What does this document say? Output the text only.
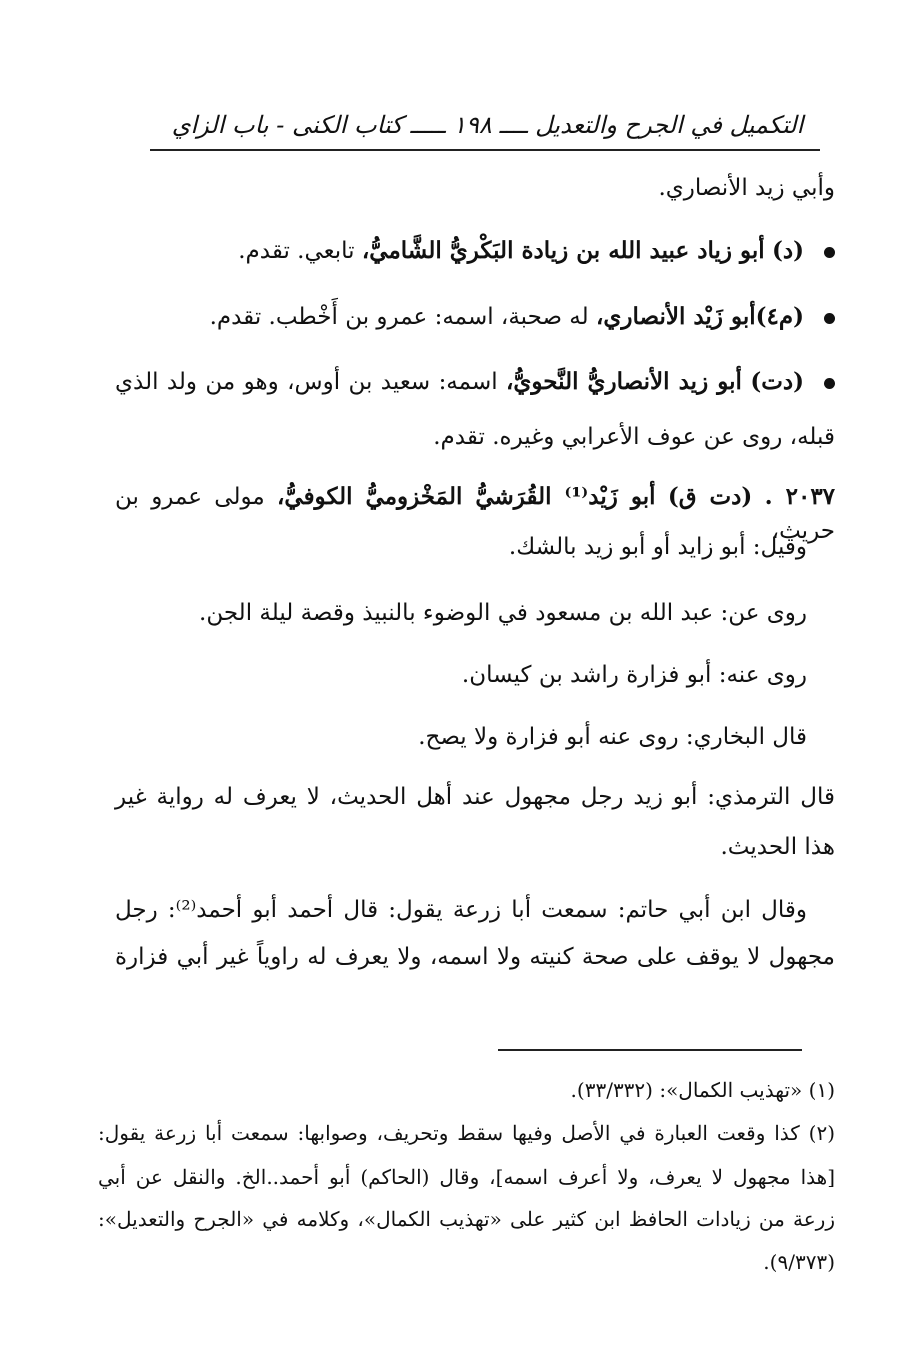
التكميل في الجرح والتعديل ــــ ١٩٨ ـــــ كتاب الكنى - باب الزاي
وأبي زيد الأنصاري.
(د) أبو زياد عبيد الله بن زيادة البَكْريُّ الشَّاميُّ، تابعي. تقدم.
(م٤)أبو زَيْد الأنصاري، له صحبة، اسمه: عمرو بن أَخْطب. تقدم.
(دت) أبو زيد الأنصاريُّ النَّحويُّ، اسمه: سعيد بن أوس، وهو من ولد الذي
قبله، روى عن عوف الأعرابي وغيره. تقدم.
٢٠٣٧ . (دت ق) أبو زَيْد⁽¹⁾ القُرَشيُّ المَخْزوميُّ الكوفيُّ، مولى عمرو بن حريث،
وقيل: أبو زايد أو أبو زيد بالشك.
روى عن: عبد الله بن مسعود في الوضوء بالنبيذ وقصة ليلة الجن.
روى عنه: أبو فزارة راشد بن كيسان.
قال البخاري: روى عنه أبو فزارة ولا يصح.
قال الترمذي: أبو زيد رجل مجهول عند أهل الحديث، لا يعرف له رواية غير
هذا الحديث.
وقال ابن أبي حاتم: سمعت أبا زرعة يقول: قال أحمد أبو أحمد⁽²⁾: رجل
مجهول لا يوقف على صحة كنيته ولا اسمه، ولا يعرف له راوياً غير أبي فزارة
(١) «تهذيب الكمال»: (٣٣/٣٣٢).
(٢) كذا وقعت العبارة في الأصل وفيها سقط وتحريف، وصوابها: سمعت أبا زرعة يقول:
[هذا مجهول لا يعرف، ولا أعرف اسمه]، وقال (الحاكم) أبو أحمد..الخ. والنقل عن أبي
زرعة من زيادات الحافظ ابن كثير على «تهذيب الكمال»، وكلامه في «الجرح والتعديل»:
(٩/٣٧٣).
